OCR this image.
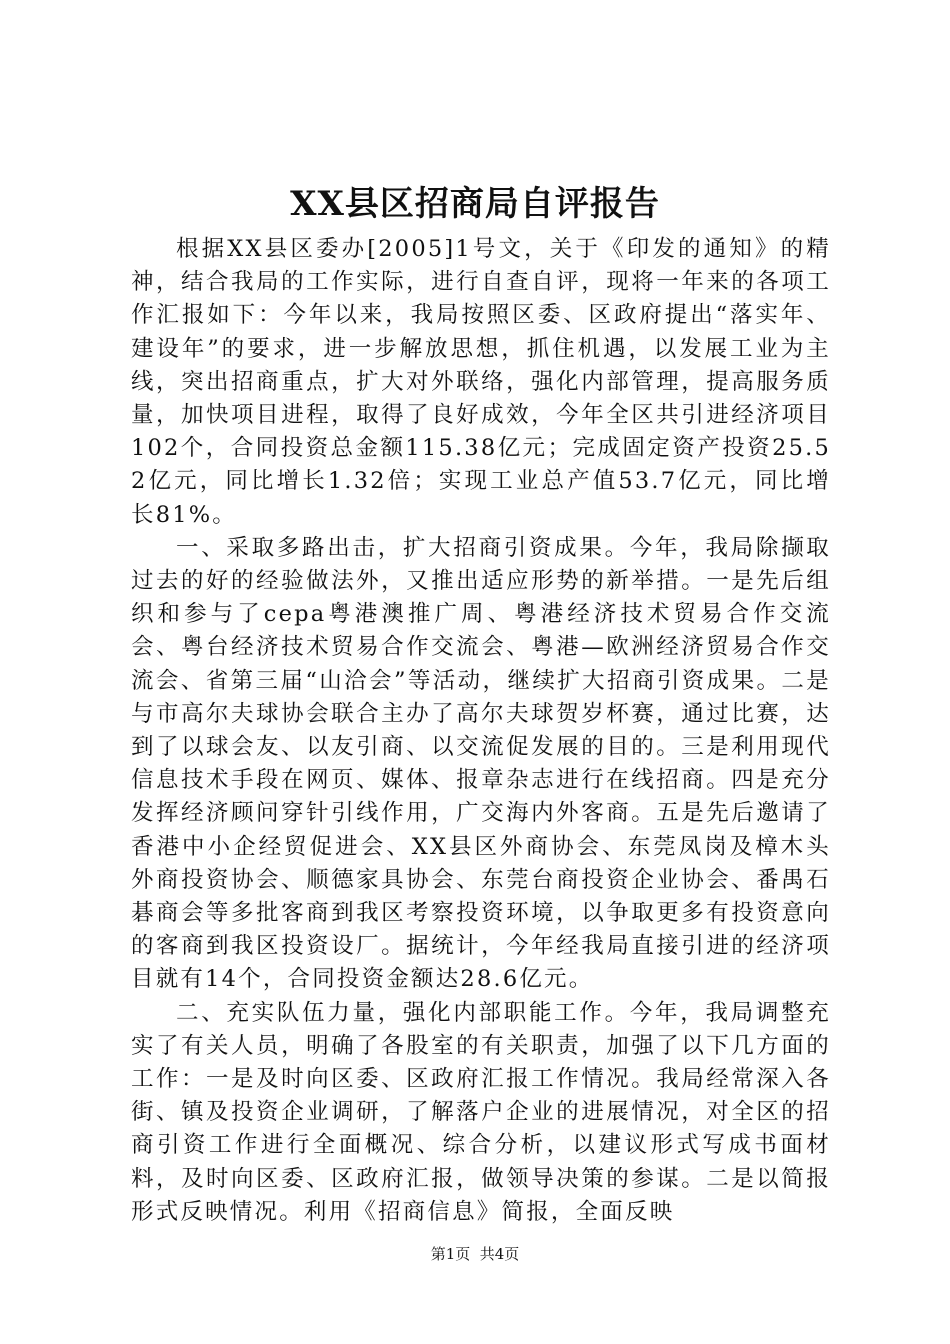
XX县区招商局自评报告

根据XX县区委办[2005]1号文，关于《印发的通知》的精神，结合我局的工作实际，进行自查自评，现将一年来的各项工作汇报如下：今年以来，我局按照区委、区政府提出“落实年、建设年”的要求，进一步解放思想，抓住机遇，以发展工业为主线，突出招商重点，扩大对外联络，强化内部管理，提高服务质量，加快项目进程，取得了良好成效，今年全区共引进经济项目102个，合同投资总金额115.38亿元；完成固定资产投资25.52亿元，同比增长1.32倍；实现工业总产值53.7亿元，同比增长81%。

一、采取多路出击，扩大招商引资成果。今年，我局除撷取过去的好的经验做法外，又推出适应形势的新举措。一是先后组织和参与了cepa粤港澳推广周、粤港经济技术贸易合作交流会、粤台经济技术贸易合作交流会、粤港—欧洲经济贸易合作交流会、省第三届“山洽会”等活动，继续扩大招商引资成果。二是与市高尔夫球协会联合主办了高尔夫球贺岁杯赛，通过比赛，达到了以球会友、以友引商、以交流促发展的目的。三是利用现代信息技术手段在网页、媒体、报章杂志进行在线招商。四是充分发挥经济顾问穿针引线作用，广交海内外客商。五是先后邀请了香港中小企经贸促进会、XX县区外商协会、东莞凤岗及樟木头外商投资协会、顺德家具协会、东莞台商投资企业协会、番禺石碁商会等多批客商到我区考察投资环境，以争取更多有投资意向的客商到我区投资设厂。据统计，今年经我局直接引进的经济项目就有14个，合同投资金额达28.6亿元。

二、充实队伍力量，强化内部职能工作。今年，我局调整充实了有关人员，明确了各股室的有关职责，加强了以下几方面的工作：一是及时向区委、区政府汇报工作情况。我局经常深入各街、镇及投资企业调研，了解落户企业的进展情况，对全区的招商引资工作进行全面概况、综合分析，以建议形式写成书面材料，及时向区委、区政府汇报，做领导决策的参谋。二是以简报形式反映情况。利用《招商信息》简报，全面反映

第1页  共4页
